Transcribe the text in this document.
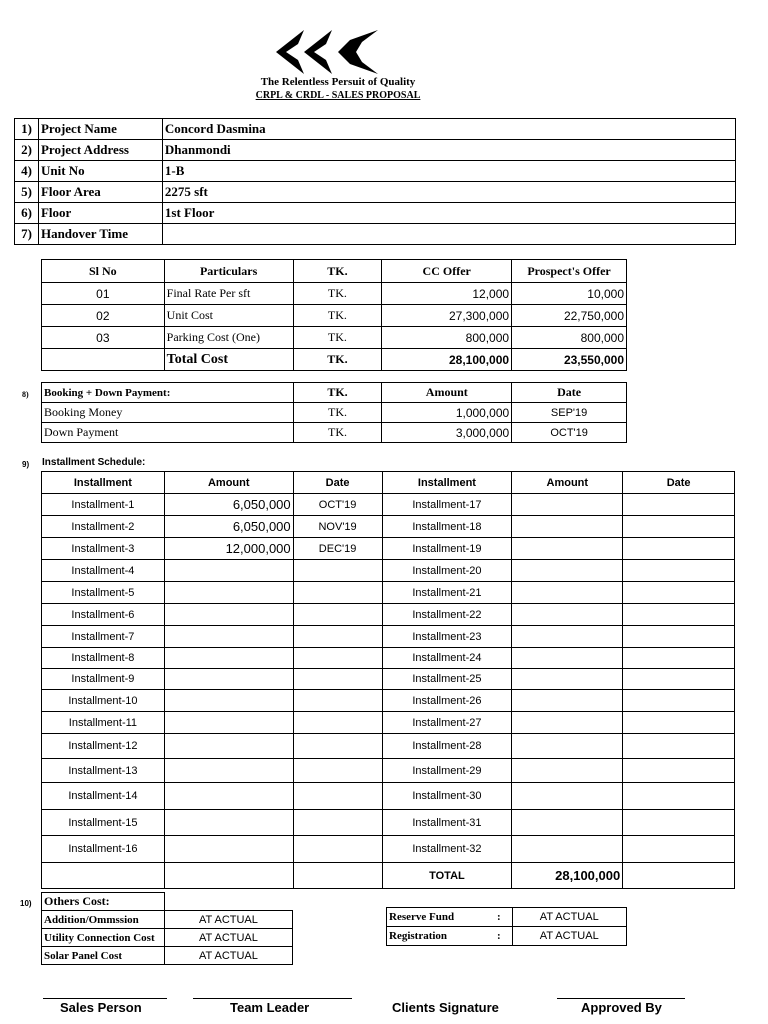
The Relentless Persuit of Quality
CRPL & CRDL - SALES PROPOSAL
1)	Project Name	Concord Dasmina
2)	Project Address	Dhanmondi
4)	Unit No	1-B
5)	Floor Area	2275 sft
6)	Floor	1st Floor
7)	Handover Time	
Sl No	Particulars	TK.	CC Offer	Prospect's Offer
01	Final Rate Per sft	TK.	12,000	10,000
02	Unit Cost	TK.	27,300,000	22,750,000
03	Parking Cost (One)	TK.	800,000	800,000
	Total Cost	TK.	28,100,000	23,550,000
8) Booking + Down Payment:	TK.	Amount	Date
Booking Money	TK.	1,000,000	SEP'19
Down Payment	TK.	3,000,000	OCT'19
9) Installment Schedule:
Installment	Amount	Date	Installment	Amount	Date
Installment-1	6,050,000	OCT'19	Installment-17		
Installment-2	6,050,000	NOV'19	Installment-18		
Installment-3	12,000,000	DEC'19	Installment-19		
Installment-4			Installment-20		
Installment-5			Installment-21		
Installment-6			Installment-22		
Installment-7			Installment-23		
Installment-8			Installment-24		
Installment-9			Installment-25		
Installment-10			Installment-26		
Installment-11			Installment-27		
Installment-12			Installment-28		
Installment-13			Installment-29		
Installment-14			Installment-30		
Installment-15			Installment-31		
Installment-16			Installment-32		
			TOTAL	28,100,000	
10) Others Cost:	
Addition/Ommssion	AT ACTUAL
Utility Connection Cost	AT ACTUAL
Solar Panel Cost	AT ACTUAL
Reserve Fund	:	AT ACTUAL
Registration	:	AT ACTUAL
Sales Person	Team Leader	Clients Signature	Approved By
